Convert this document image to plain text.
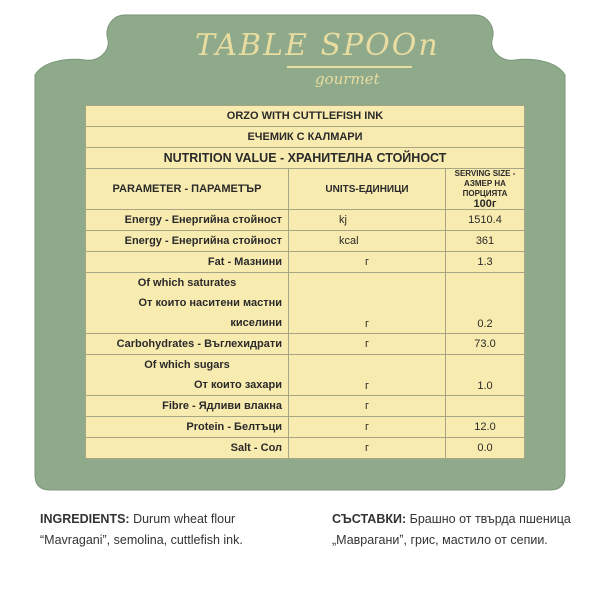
TABLE SPOOn
gourmet
ORZO WITH CUTTLEFISH INK		
ЕЧЕМИК С КАЛМАРИ		
NUTRITION VALUE - ХРАНИТЕЛНА СТОЙНОСТ		
PARAMETER - ПАРАМЕТЪР	UNITS-ЕДИНИЦИ	SERVING SIZE - АЗМЕР НА ПОРЦИЯТА
100г

Energy - Енергийна стойност	kj	1510.4
Energy - Енергийна стойност	kcal	361
Fat - Мазнини	г	1.3

Of which saturates
От които наситени мастни киселини	г	0.2
Carbohydrates - Въглехидрати	г	73.0

Of which sugars
От които захари	г	1.0
Fibre - Ядливи влакна	г	
Protein - Белтъци	г	12.0
Salt - Сол	г	0.0
INGREDIENTS: Durum wheat flour “Mavragani”, semolina, cuttlefish ink.
СЪСТАВКИ: Брашно от твърда пшеница „Мавраганиˮ, грис, мастило от сепии.
